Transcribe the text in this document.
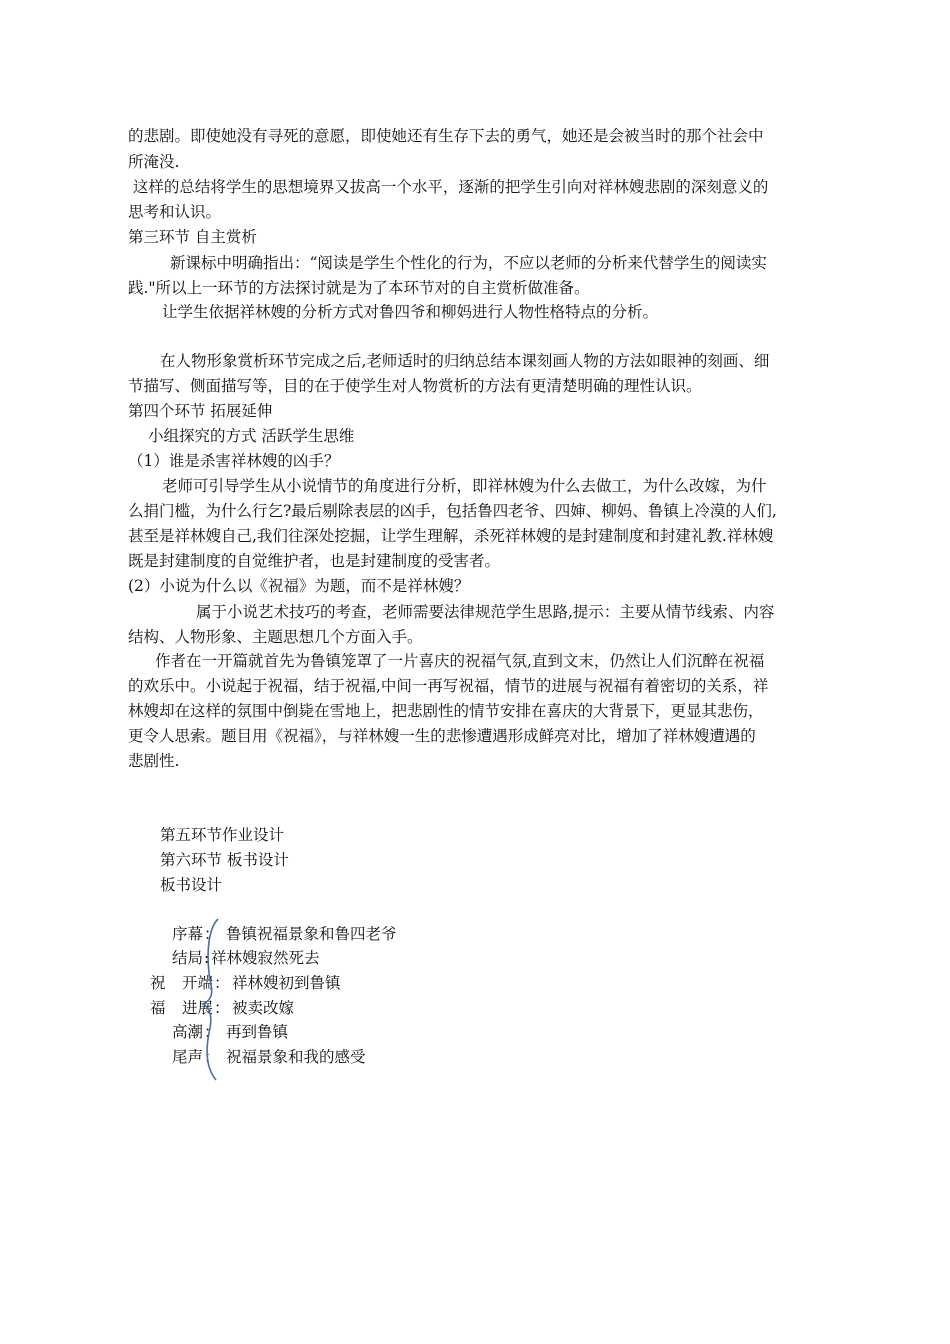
的悲剧。即使她没有寻死的意愿，即使她还有生存下去的勇气，她还是会被当时的那个社会中
所淹没.
这样的总结将学生的思想境界又拔高一个水平，逐渐的把学生引向对祥林嫂悲剧的深刻意义的
思考和认识。
第三环节 自主赏析
新课标中明确指出：“阅读是学生个性化的行为，不应以老师的分析来代替学生的阅读实
践."所以上一环节的方法探讨就是为了本环节对的自主赏析做准备。
让学生依据祥林嫂的分析方式对鲁四爷和柳妈进行人物性格特点的分析。
在人物形象赏析环节完成之后,老师适时的归纳总结本课刻画人物的方法如眼神的刻画、细
节描写、侧面描写等，目的在于使学生对人物赏析的方法有更清楚明确的理性认识。
第四个环节 拓展延伸
小组探究的方式 活跃学生思维
（1）谁是杀害祥林嫂的凶手？
老师可引导学生从小说情节的角度进行分析，即祥林嫂为什么去做工，为什么改嫁，为什
么捐门槛，为什么行乞?最后剔除表层的凶手，包括鲁四老爷、四婶、柳妈、鲁镇上冷漠的人们,
甚至是祥林嫂自己,我们往深处挖掘，让学生理解，杀死祥林嫂的是封建制度和封建礼教.祥林嫂
既是封建制度的自觉维护者，也是封建制度的受害者。
(2）小说为什么以《祝福》为题，而不是祥林嫂？
属于小说艺术技巧的考查，老师需要法律规范学生思路,提示：主要从情节线索、内容
结构、人物形象、主题思想几个方面入手。
作者在一开篇就首先为鲁镇笼罩了一片喜庆的祝福气氛,直到文末，仍然让人们沉醉在祝福
的欢乐中。小说起于祝福，结于祝福,中间一再写祝福，情节的进展与祝福有着密切的关系，祥
林嫂却在这样的氛围中倒毙在雪地上，把悲剧性的情节安排在喜庆的大背景下，更显其悲伤，
更令人思索。题目用《祝福》，与祥林嫂一生的悲惨遭遇形成鲜亮对比，增加了祥林嫂遭遇的
悲剧性.
第五环节作业设计
第六环节 板书设计
板书设计
序幕 ： 鲁镇祝福景象和鲁四老爷
结局 : 祥林嫂寂然死去
祝 开端 ： 祥林嫂初到鲁镇
福 进展 ： 被卖改嫁
高潮 ： 再到鲁镇
尾声 ： 祝福景象和我的感受
